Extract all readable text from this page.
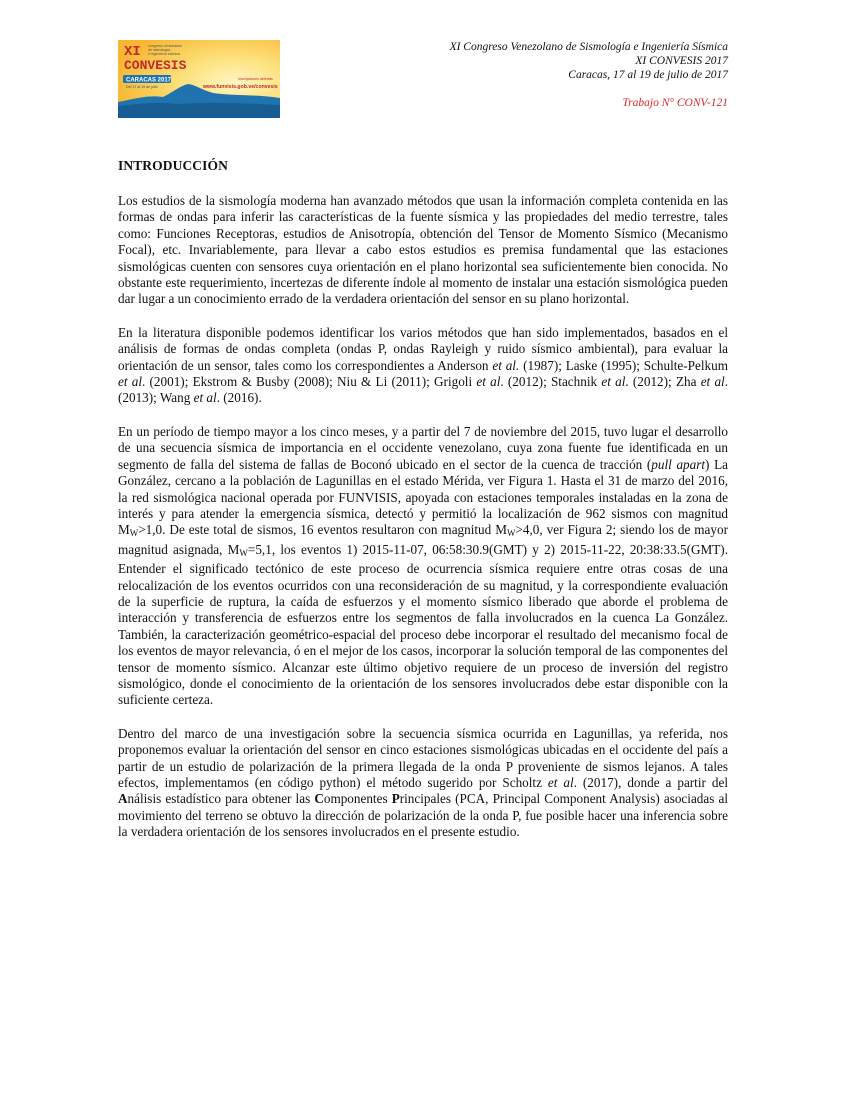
XI
CONVESIS
congreso venezolano
de sismología
e ingeniería sísmica
CARACAS 2017
Del 17 al 19 de julio
Inscripciones abiertas
www.funvisis.gob.ve/convesis
XI Congreso Venezolano de Sismología e Ingeniería Sísmica
XI CONVESIS 2017
Caracas, 17 al 19 de julio de 2017
Trabajo N° CONV-121
INTRODUCCIÓN

Los estudios de la sismología moderna han avanzado métodos que usan la información completa contenida en las formas de ondas para inferir las características de la fuente sísmica y las propiedades del medio terrestre, tales como: Funciones Receptoras, estudios de Anisotropía, obtención del Tensor de Momento Sísmico (Mecanismo Focal), etc. Invariablemente, para llevar a cabo estos estudios es premisa fundamental que las estaciones sismológicas cuenten con sensores cuya orientación en el plano horizontal sea suficientemente bien conocida. No obstante este requerimiento, incertezas de diferente índole al momento de instalar una estación sismológica pueden dar lugar a un conocimiento errado de la verdadera orientación del sensor en su plano horizontal.

En la literatura disponible podemos identificar los varios métodos que han sido implementados, basados en el análisis de formas de ondas completa (ondas P, ondas Rayleigh y ruido sísmico ambiental), para evaluar la orientación de un sensor, tales como los correspondientes a Anderson et al. (1987); Laske (1995); Schulte-Pelkum et al. (2001); Ekstrom & Busby (2008); Niu & Li (2011); Grigoli et al. (2012); Stachnik et al. (2012); Zha et al. (2013); Wang et al. (2016).

En un período de tiempo mayor a los cinco meses, y a partir del 7 de noviembre del 2015, tuvo lugar el desarrollo de una secuencia sísmica de importancia en el occidente venezolano, cuya zona fuente fue identificada en un segmento de falla del sistema de fallas de Boconó ubicado en el sector de la cuenca de tracción (pull apart) La González, cercano a la población de Lagunillas en el estado Mérida, ver Figura 1. Hasta el 31 de marzo del 2016, la red sismológica nacional operada por FUNVISIS, apoyada con estaciones temporales instaladas en la zona de interés y para atender la emergencia sísmica, detectó y permitió la localización de 962 sismos con magnitud $M_W>1,0$. De este total de sismos, 16 eventos resultaron con magnitud $M_W>4,0$, ver Figura 2; siendo los de mayor magnitud asignada, $M_W=5,1$, los eventos 1) 2015-11-07, 06:58:30.9(GMT) y 2) 2015-11-22, 20:38:33.5(GMT). Entender el significado tectónico de este proceso de ocurrencia sísmica requiere entre otras cosas de una relocalización de los eventos ocurridos con una reconsideración de su magnitud, y la correspondiente evaluación de la superficie de ruptura, la caída de esfuerzos y el momento sísmico liberado que aborde el problema de interacción y transferencia de esfuerzos entre los segmentos de falla involucrados en la cuenca La González. También, la caracterización geométrico-espacial del proceso debe incorporar el resultado del mecanismo focal de los eventos de mayor relevancia, ó en el mejor de los casos, incorporar la solución temporal de las componentes del tensor de momento sísmico. Alcanzar este último objetivo requiere de un proceso de inversión del registro sismológico, donde el conocimiento de la orientación de los sensores involucrados debe estar disponible con la suficiente certeza.

Dentro del marco de una investigación sobre la secuencia sísmica ocurrida en Lagunillas, ya referida, nos proponemos evaluar la orientación del sensor en cinco estaciones sismológicas ubicadas en el occidente del país a partir de un estudio de polarización de la primera llegada de la onda P proveniente de sismos lejanos. A tales efectos, implementamos (en código python) el método sugerido por Scholtz et al. (2017), donde a partir del Análisis estadístico para obtener las Componentes Principales (PCA, Principal Component Analysis) asociadas al movimiento del terreno se obtuvo la dirección de polarización de la onda P, fue posible hacer una inferencia sobre la verdadera orientación de los sensores involucrados en el presente estudio.
